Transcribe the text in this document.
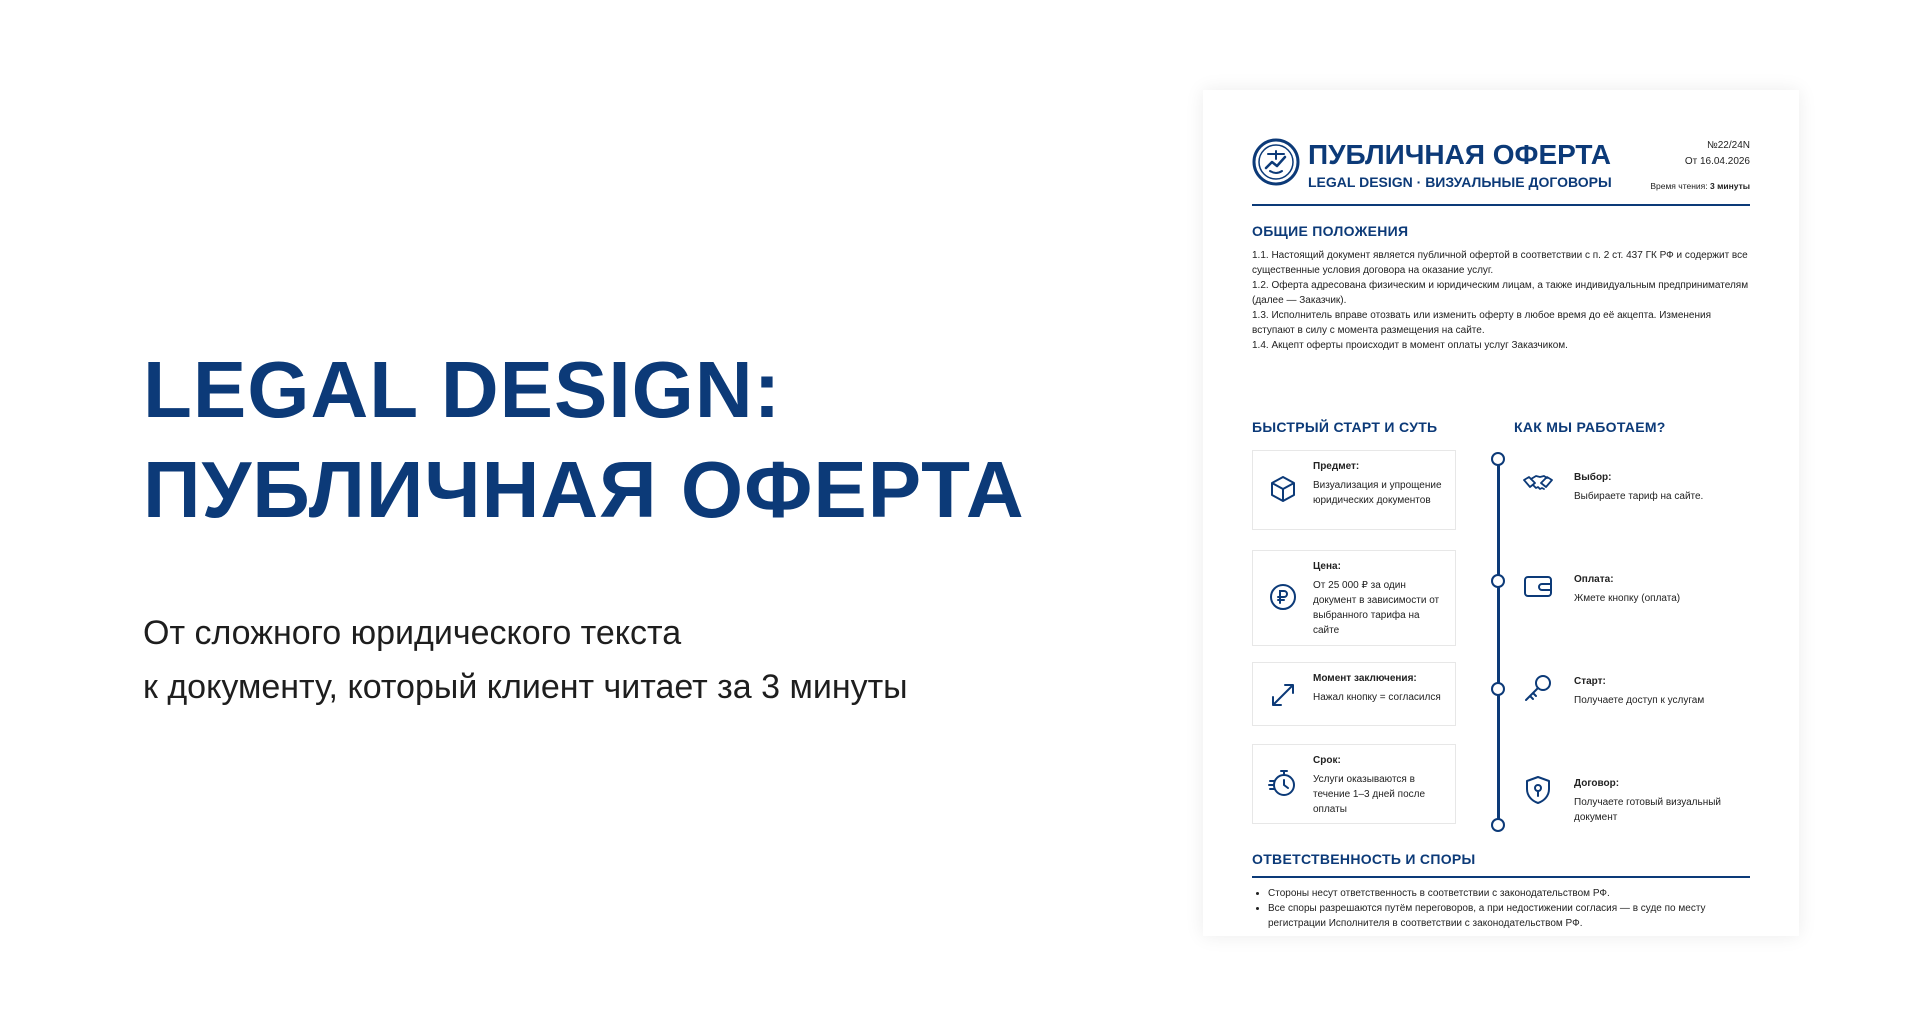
LEGAL DESIGN:
ПУБЛИЧНАЯ ОФЕРТА
От сложного юридического текста
к документу, который клиент читает за 3 минуты
ПУБЛИЧНАЯ ОФЕРТА
LEGAL DESIGN · ВИЗУАЛЬНЫЕ ДОГОВОРЫ
№22/24N
От 16.04.2026
Время чтения: 3 минуты
ОБЩИЕ ПОЛОЖЕНИЯ
1.1. Настоящий документ является публичной офертой в соответствии с п. 2 ст. 437 ГК РФ и содержит все существенные условия договора на оказание услуг.
1.2. Оферта адресована физическим и юридическим лицам, а также индивидуальным предпринимателям (далее — Заказчик).
1.3. Исполнитель вправе отозвать или изменить оферту в любое время до её акцепта. Изменения вступают в силу с момента размещения на сайте.
1.4. Акцепт оферты происходит в момент оплаты услуг Заказчиком.
БЫСТРЫЙ СТАРТ И СУТЬ
Предмет:
Визуализация и упрощение юридических документов
Цена:
От 25 000 ₽ за один документ в зависимости от выбранного тарифа на сайте
Момент заключения:
Нажал кнопку = согласился
Срок:
Услуги оказываются в течение 1–3 дней после оплаты
КАК МЫ РАБОТАЕМ?
Выбор:
Выбираете тариф на сайте.
Оплата:
Жмете кнопку (оплата)
Старт:
Получаете доступ к услугам
Договор:
Получаете готовый визуальный документ
ОТВЕТСТВЕННОСТЬ И СПОРЫ
• Стороны несут ответственность в соответствии с законодательством РФ.
• Все споры разрешаются путём переговоров, а при недостижении согласия — в суде по месту регистрации Исполнителя в соответствии с законодательством РФ.
